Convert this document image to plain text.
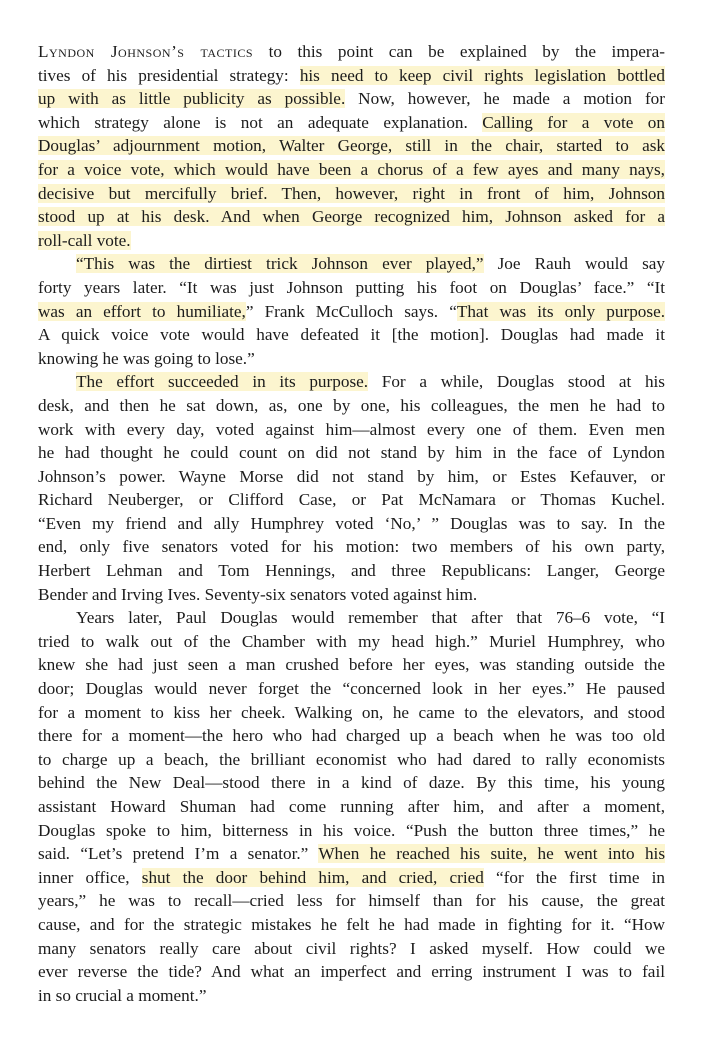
Lyndon Johnson’s tactics to this point can be explained by the impera-
tives of his presidential strategy: his need to keep civil rights legislation bottled
up with as little publicity as possible. Now, however, he made a motion for
which strategy alone is not an adequate explanation. Calling for a vote on
Douglas’ adjournment motion, Walter George, still in the chair, started to ask
for a voice vote, which would have been a chorus of a few ayes and many nays,
decisive but mercifully brief. Then, however, right in front of him, Johnson
stood up at his desk. And when George recognized him, Johnson asked for a
roll-call vote.
“This was the dirtiest trick Johnson ever played,” Joe Rauh would say
forty years later. “It was just Johnson putting his foot on Douglas’ face.” “It
was an effort to humiliate,” Frank McCulloch says. “That was its only purpose.
A quick voice vote would have defeated it [the motion]. Douglas had made it
knowing he was going to lose.”
The effort succeeded in its purpose. For a while, Douglas stood at his
desk, and then he sat down, as, one by one, his colleagues, the men he had to
work with every day, voted against him—almost every one of them. Even men
he had thought he could count on did not stand by him in the face of Lyndon
Johnson’s power. Wayne Morse did not stand by him, or Estes Kefauver, or
Richard Neuberger, or Clifford Case, or Pat McNamara or Thomas Kuchel.
“Even my friend and ally Humphrey voted ‘No,’ ” Douglas was to say. In the
end, only five senators voted for his motion: two members of his own party,
Herbert Lehman and Tom Hennings, and three Republicans: Langer, George
Bender and Irving Ives. Seventy-six senators voted against him.
Years later, Paul Douglas would remember that after that 76–6 vote, “I
tried to walk out of the Chamber with my head high.” Muriel Humphrey, who
knew she had just seen a man crushed before her eyes, was standing outside the
door; Douglas would never forget the “concerned look in her eyes.” He paused
for a moment to kiss her cheek. Walking on, he came to the elevators, and stood
there for a moment—the hero who had charged up a beach when he was too old
to charge up a beach, the brilliant economist who had dared to rally economists
behind the New Deal—stood there in a kind of daze. By this time, his young
assistant Howard Shuman had come running after him, and after a moment,
Douglas spoke to him, bitterness in his voice. “Push the button three times,” he
said. “Let’s pretend I’m a senator.” When he reached his suite, he went into his
inner office, shut the door behind him, and cried, cried “for the first time in
years,” he was to recall—cried less for himself than for his cause, the great
cause, and for the strategic mistakes he felt he had made in fighting for it. “How
many senators really care about civil rights? I asked myself. How could we
ever reverse the tide? And what an imperfect and erring instrument I was to fail
in so crucial a moment.”
